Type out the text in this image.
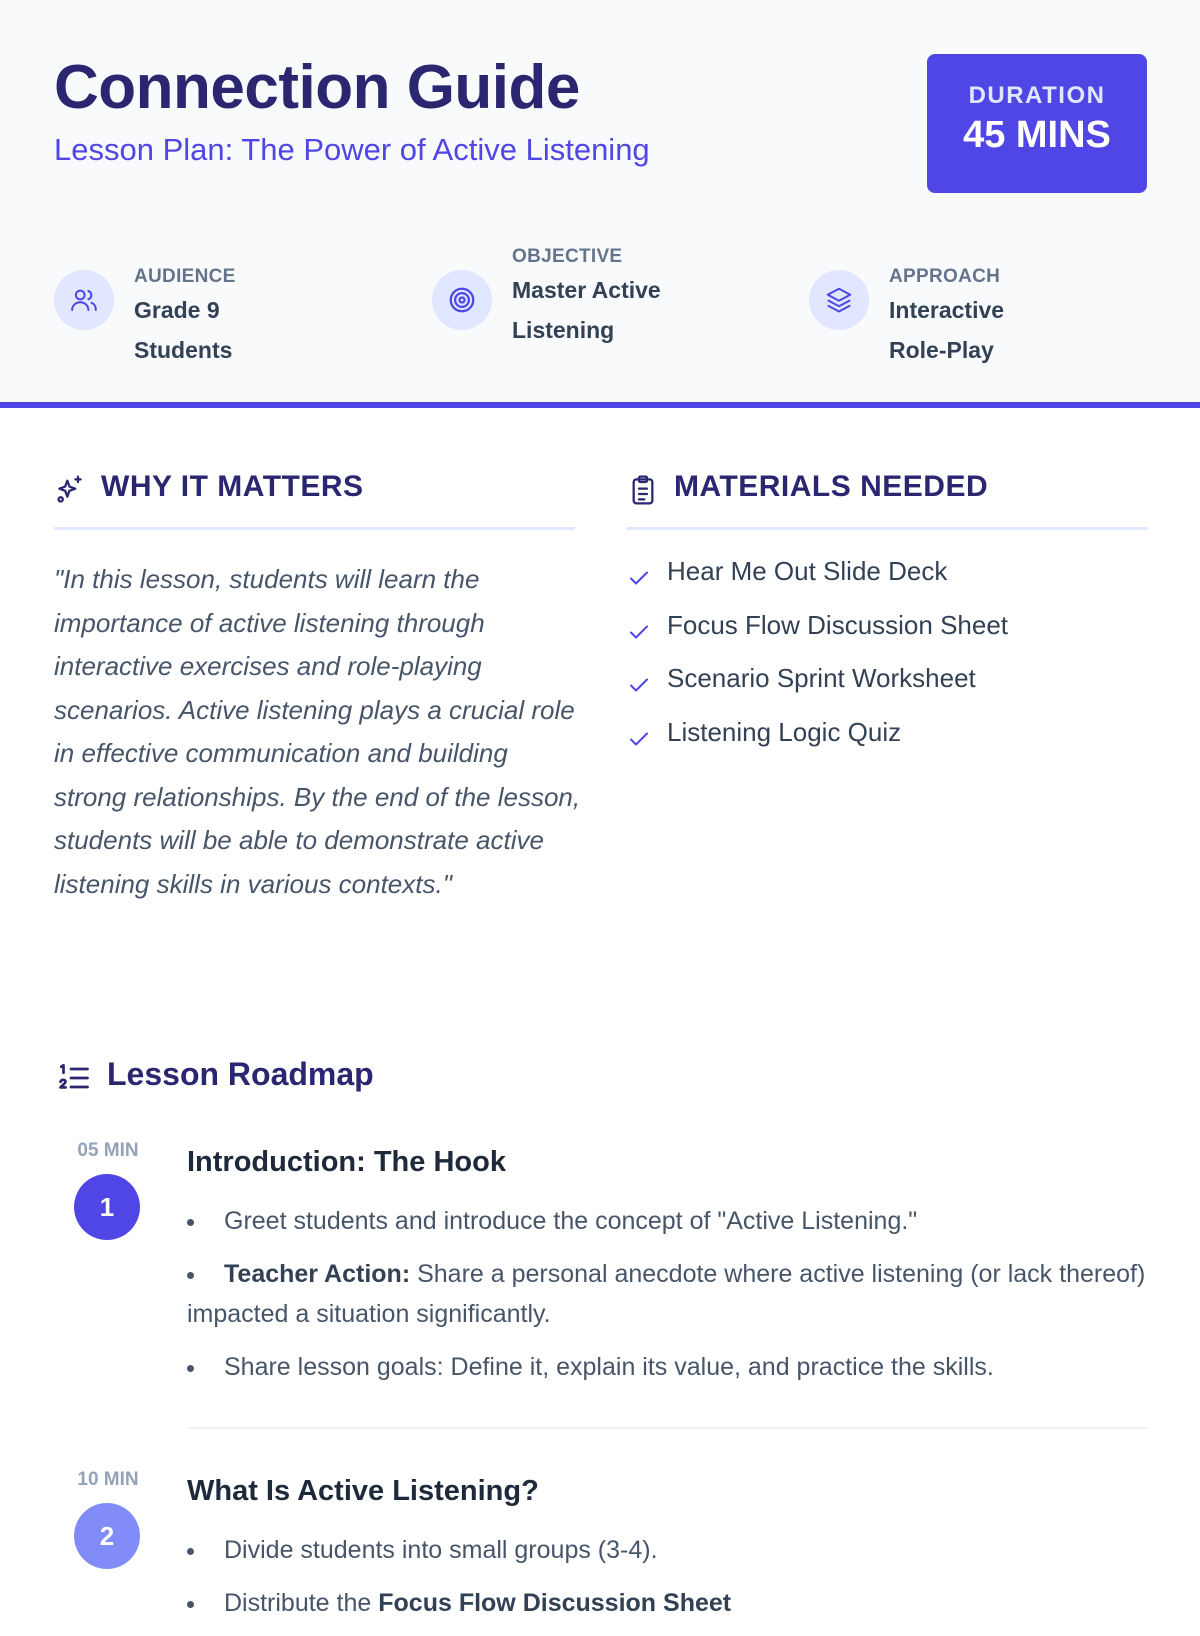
Connection Guide
Lesson Plan: The Power of Active Listening
DURATION
45 MINS
AUDIENCE
Grade 9 Students
OBJECTIVE
Master Active Listening
APPROACH
Interactive Role-Play
WHY IT MATTERS
"In this lesson, students will learn the importance of active listening through interactive exercises and role-playing scenarios. Active listening plays a crucial role in effective communication and building strong relationships. By the end of the lesson, students will be able to demonstrate active listening skills in various contexts."
MATERIALS NEEDED
Hear Me Out Slide Deck
Focus Flow Discussion Sheet
Scenario Sprint Worksheet
Listening Logic Quiz
Lesson Roadmap
05 MIN
1
Introduction: The Hook
Greet students and introduce the concept of "Active Listening."
Teacher Action: Share a personal anecdote where active listening (or lack thereof) impacted a situation significantly.
Share lesson goals: Define it, explain its value, and practice the skills.
10 MIN
2
What Is Active Listening?
Divide students into small groups (3-4).
Distribute the Focus Flow Discussion Sheet
